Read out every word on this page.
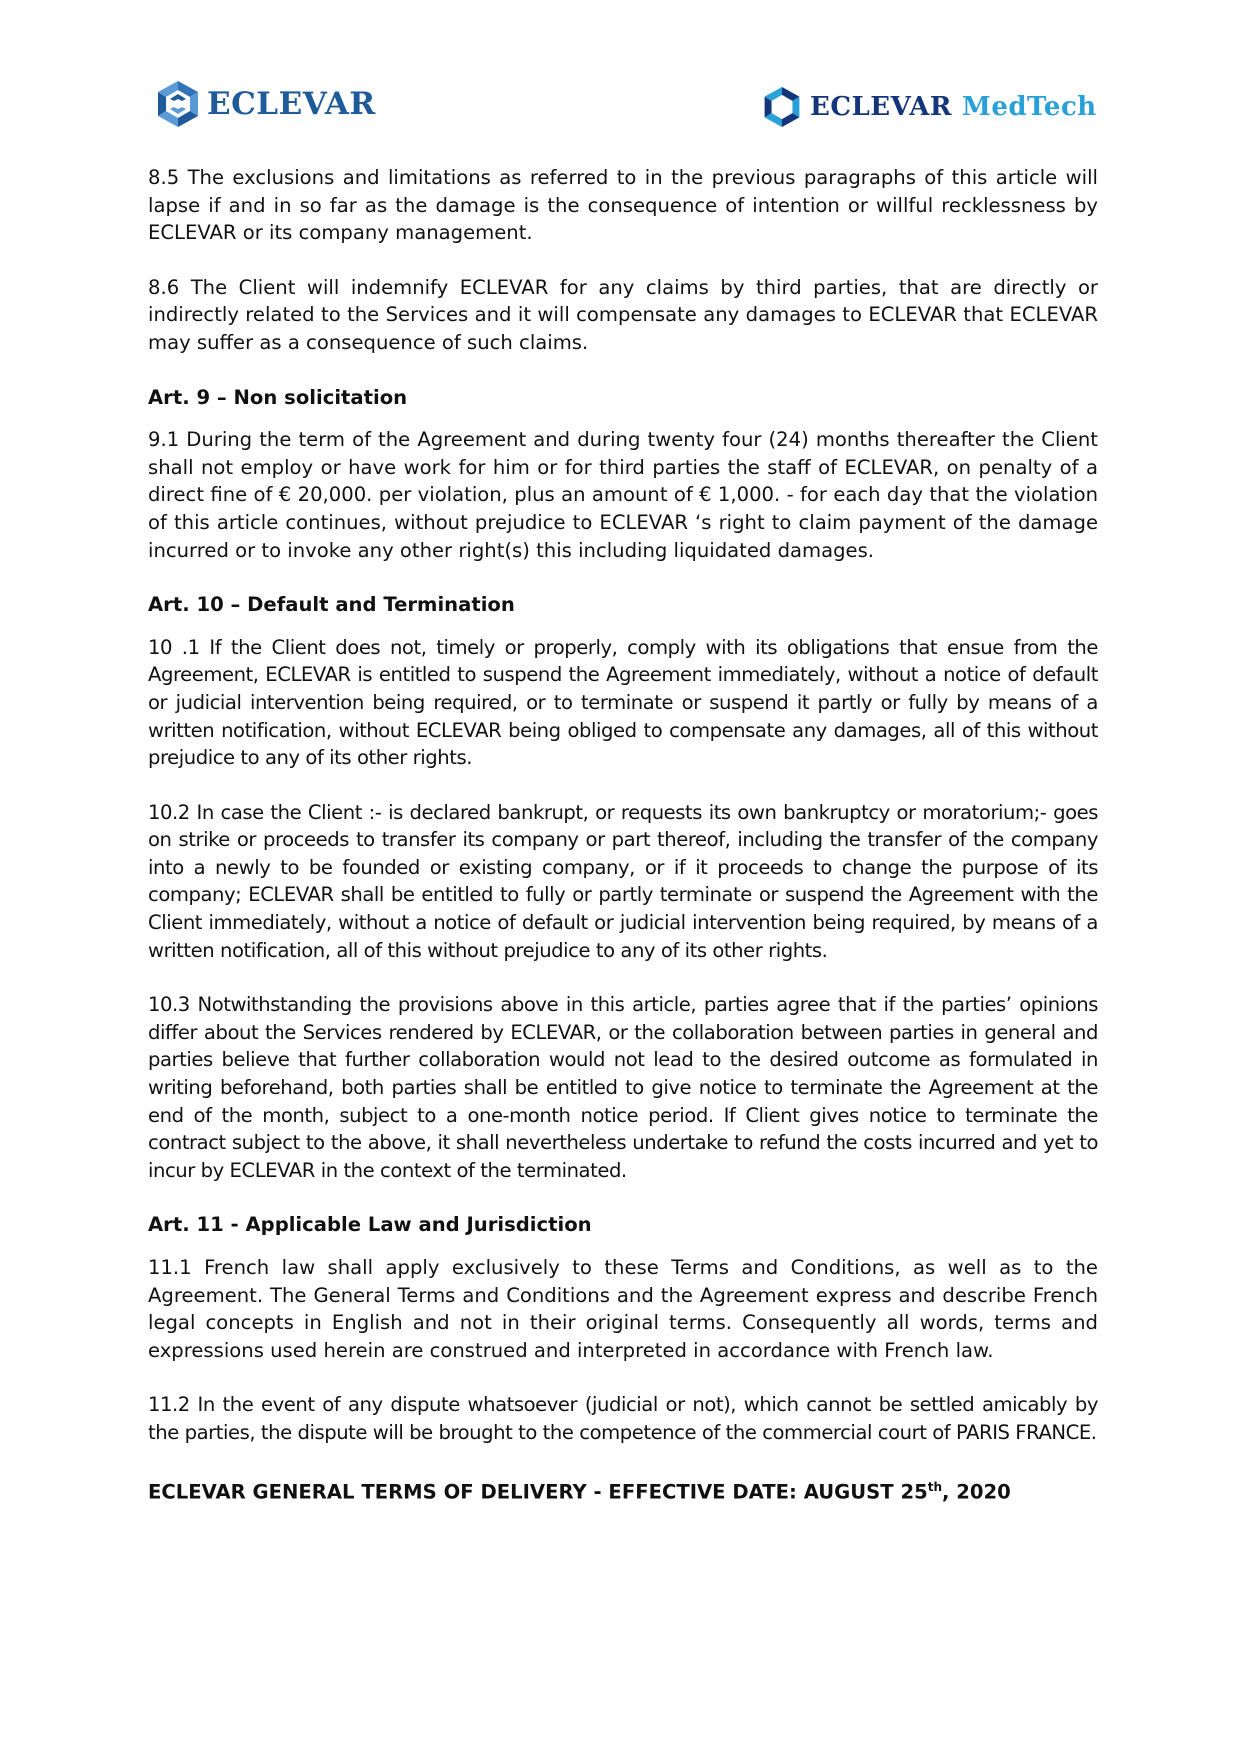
ECLEVAR	ECLEVAR MedTech

8.5 The exclusions and limitations as referred to in the previous paragraphs of this article will lapse if and in so far as the damage is the consequence of intention or willful recklessness by ECLEVAR or its company management.

8.6 The Client will indemnify ECLEVAR for any claims by third parties, that are directly or indirectly related to the Services and it will compensate any damages to ECLEVAR that ECLEVAR may suffer as a consequence of such claims.

Art. 9 – Non solicitation

9.1 During the term of the Agreement and during twenty four (24) months thereafter the Client shall not employ or have work for him or for third parties the staff of ECLEVAR, on penalty of a direct fine of € 20,000. per violation, plus an amount of € 1,000. - for each day that the violation of this article continues, without prejudice to ECLEVAR ‘s right to claim payment of the damage incurred or to invoke any other right(s) this including liquidated damages.

Art. 10 – Default and Termination

10 .1 If the Client does not, timely or properly, comply with its obligations that ensue from the Agreement, ECLEVAR is entitled to suspend the Agreement immediately, without a notice of default or judicial intervention being required, or to terminate or suspend it partly or fully by means of a written notification, without ECLEVAR being obliged to compensate any damages, all of this without prejudice to any of its other rights.

10.2 In case the Client :- is declared bankrupt, or requests its own bankruptcy or moratorium;- goes on strike or proceeds to transfer its company or part thereof, including the transfer of the company into a newly to be founded or existing company, or if it proceeds to change the purpose of its company; ECLEVAR shall be entitled to fully or partly terminate or suspend the Agreement with the Client immediately, without a notice of default or judicial intervention being required, by means of a written notification, all of this without prejudice to any of its other rights.

10.3 Notwithstanding the provisions above in this article, parties agree that if the parties’ opinions differ about the Services rendered by ECLEVAR, or the collaboration between parties in general and parties believe that further collaboration would not lead to the desired outcome as formulated in writing beforehand, both parties shall be entitled to give notice to terminate the Agreement at the end of the month, subject to a one-month notice period. If Client gives notice to terminate the contract subject to the above, it shall nevertheless undertake to refund the costs incurred and yet to incur by ECLEVAR in the context of the terminated.

Art. 11 - Applicable Law and Jurisdiction

11.1 French law shall apply exclusively to these Terms and Conditions, as well as to the Agreement. The General Terms and Conditions and the Agreement express and describe French legal concepts in English and not in their original terms. Consequently all words, terms and expressions used herein are construed and interpreted in accordance with French law.

11.2 In the event of any dispute whatsoever (judicial or not), which cannot be settled amicably by the parties, the dispute will be brought to the competence of the commercial court of PARIS FRANCE.

ECLEVAR GENERAL TERMS OF DELIVERY - EFFECTIVE DATE: AUGUST 25th, 2020
